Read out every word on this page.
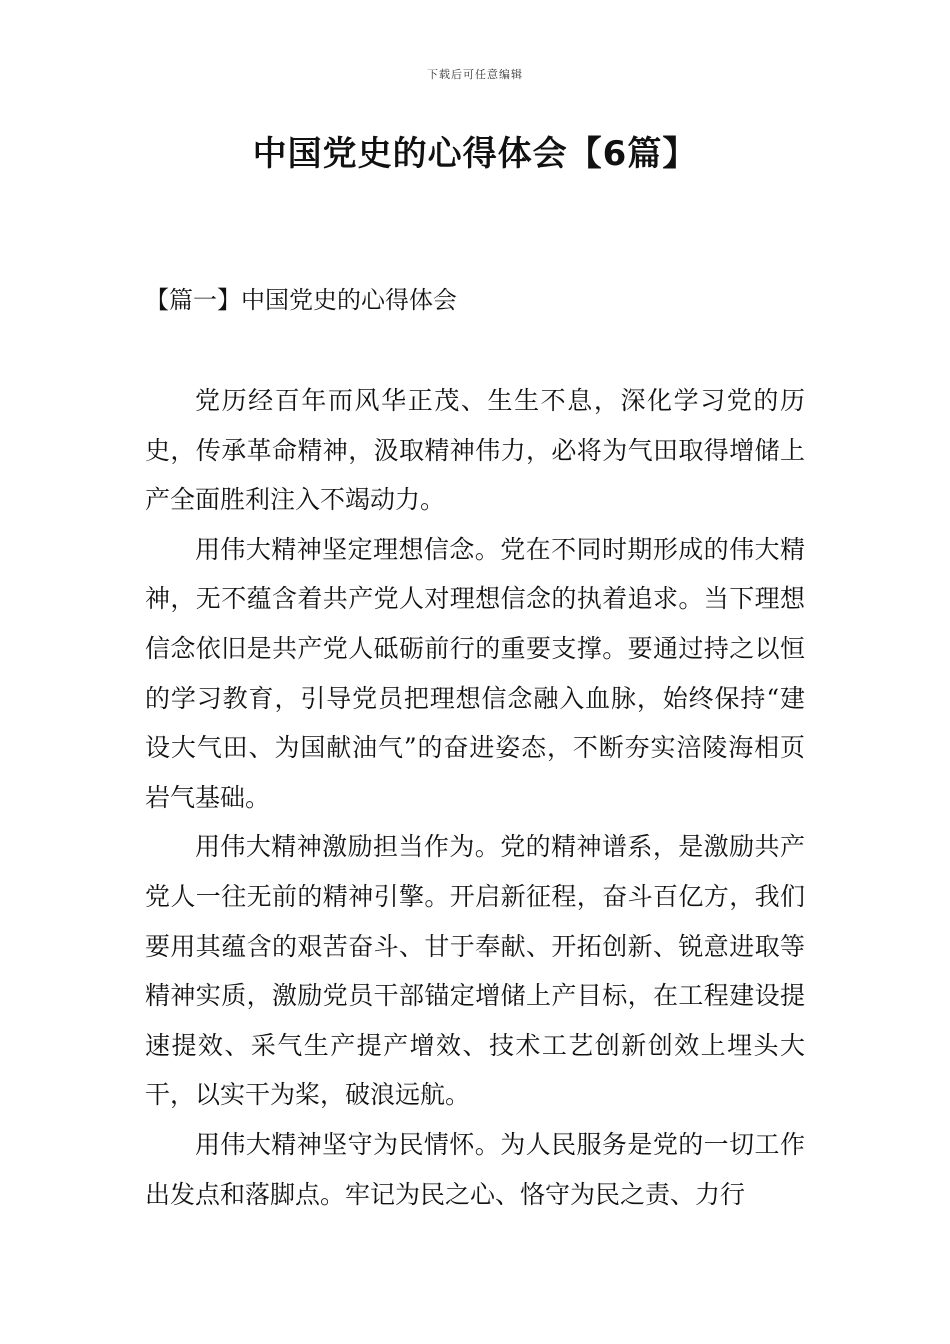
下载后可任意编辑
中国党史的心得体会【6篇】
【篇一】中国党史的心得体会

党历经百年而风华正茂、生生不息，深化学习党的历史，传承革命精神，汲取精神伟力，必将为气田取得增储上产全面胜利注入不竭动力。

用伟大精神坚定理想信念。党在不同时期形成的伟大精神，无不蕴含着共产党人对理想信念的执着追求。当下理想信念依旧是共产党人砥砺前行的重要支撑。要通过持之以恒的学习教育，引导党员把理想信念融入血脉，始终保持“建设大气田、为国献油气”的奋进姿态，不断夯实涪陵海相页岩气基础。

用伟大精神激励担当作为。党的精神谱系，是激励共产党人一往无前的精神引擎。开启新征程，奋斗百亿方，我们要用其蕴含的艰苦奋斗、甘于奉献、开拓创新、锐意进取等精神实质，激励党员干部锚定增储上产目标，在工程建设提速提效、采气生产提产增效、技术工艺创新创效上埋头大干，以实干为桨，破浪远航。

用伟大精神坚守为民情怀。为人民服务是党的一切工作出发点和落脚点。牢记为民之心、恪守为民之责、力行
